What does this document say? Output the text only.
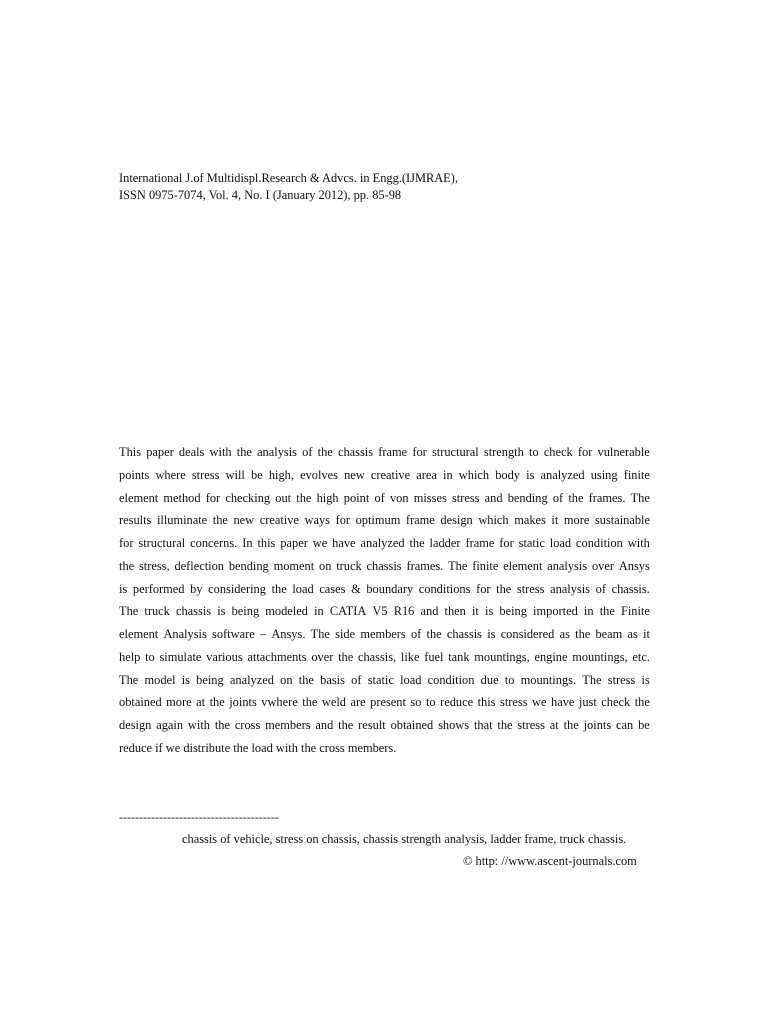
International J.of Multidispl.Research & Advcs. in Engg.(IJMRAE),
ISSN 0975-7074, Vol. 4, No. I (January 2012), pp. 85-98
This paper deals with the analysis of the chassis frame for structural strength to check for vulnerable
points where stress will be high, evolves new creative area in which body is analyzed using finite
element method for checking out the high point of von misses stress and bending of the frames. The
results illuminate the new creative ways for optimum frame design which makes it more sustainable
for structural concerns. In this paper we have analyzed the ladder frame for static load condition with
the stress, deflection bending moment on truck chassis frames. The finite element analysis over Ansys
is performed by considering the load cases & boundary conditions for the stress analysis of chassis.
The truck chassis is being modeled in CATIA V5 R16 and then it is being imported in the Finite
element Analysis software – Ansys. The side members of the chassis is considered as the beam as it
help to simulate various attachments over the chassis, like fuel tank mountings, engine mountings, etc.
The model is being analyzed on the basis of static load condition due to mountings. The stress is
obtained more at the joints vwhere the weld are present so to reduce this stress we have just check the
design again with the cross members and the result obtained shows that the stress at the joints can be
reduce if we distribute the load with the cross members.
----------------------------------------
chassis of vehicle, stress on chassis, chassis strength analysis, ladder frame, truck chassis.
© http: //www.ascent-journals.com
